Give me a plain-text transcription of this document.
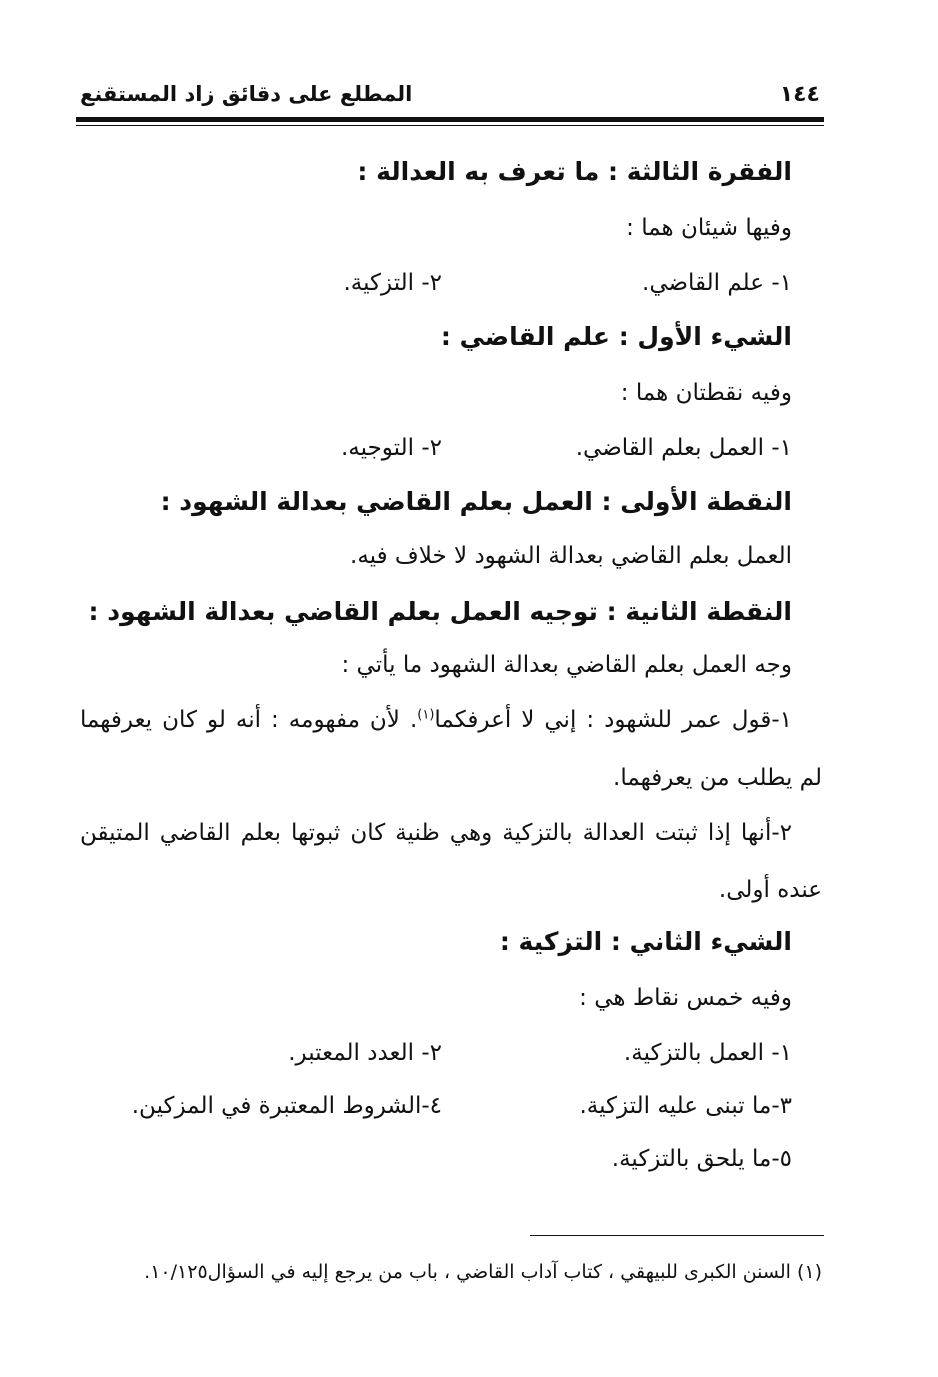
١٤٤
المطلع على دقائق زاد المستقنع
الفقرة الثالثة : ما تعرف به العدالة :
وفيها شيئان هما :
١- علم القاضي.
٢- التزكية.
الشيء الأول : علم القاضي :
وفيه نقطتان هما :
١- العمل بعلم القاضي.
٢- التوجيه.
النقطة الأولى : العمل بعلم القاضي بعدالة الشهود :
العمل بعلم القاضي بعدالة الشهود لا خلاف فيه.
النقطة الثانية : توجيه العمل بعلم القاضي بعدالة الشهود :
وجه العمل بعلم القاضي بعدالة الشهود ما يأتي :
١-قول عمر للشهود : إني لا أعرفكما$^{(١)}$. لأن مفهومه : أنه لو كان يعرفهما
لم يطلب من يعرفهما.
٢-أنها إذا ثبتت العدالة بالتزكية وهي ظنية كان ثبوتها بعلم القاضي المتيقن
عنده أولى.
الشيء الثاني : التزكية :
وفيه خمس نقاط هي :
١- العمل بالتزكية.
٢- العدد المعتبر.
٣-ما تبنى عليه التزكية.
٤-الشروط المعتبرة في المزكين.
٥-ما يلحق بالتزكية.
(١) السنن الكبرى للبيهقي ، كتاب آداب القاضي ، باب من يرجع إليه في السؤال١٠/١٢٥.
